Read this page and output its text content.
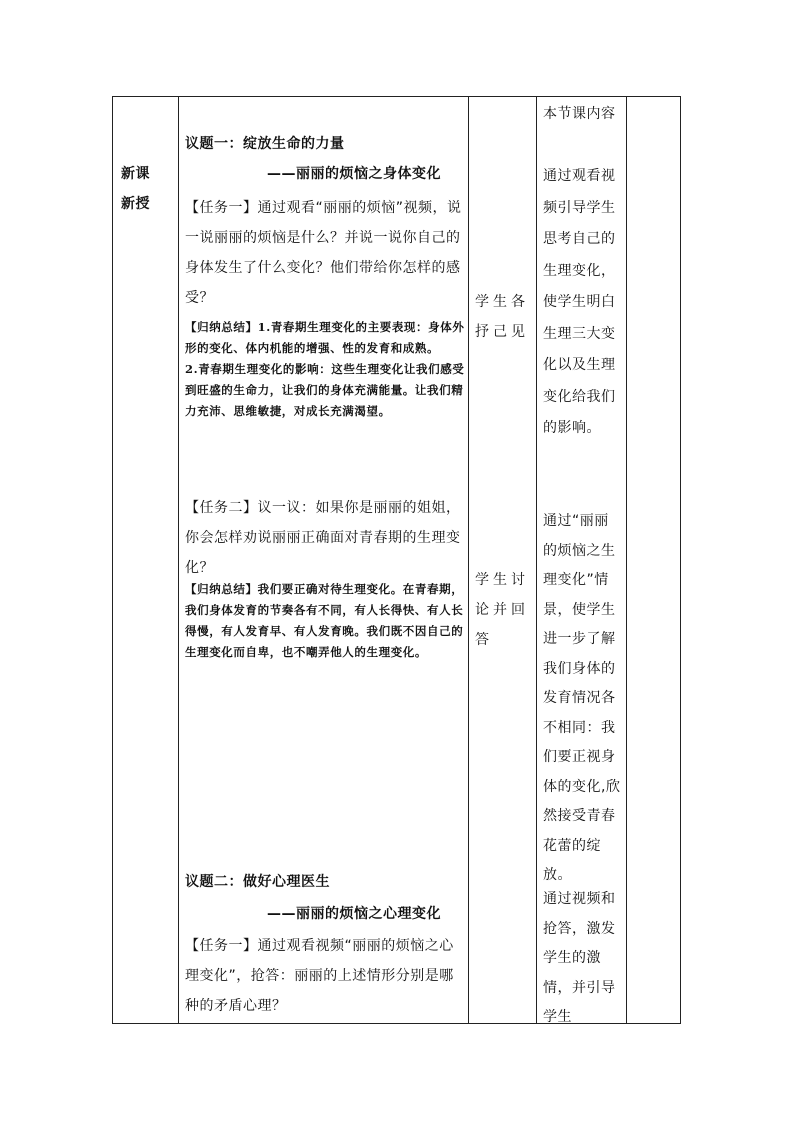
新课新授
议题一：绽放生命的力量
——丽丽的烦恼之身体变化
【任务一】通过观看“丽丽的烦恼”视频，说一说丽丽的烦恼是什么？并说一说你自己的身体发生了什么变化？他们带给你怎样的感受？
【归纳总结】1.青春期生理变化的主要表现：身体外形的变化、体内机能的增强、性的发育和成熟。
2.青春期生理变化的影响：这些生理变化让我们感受到旺盛的生命力，让我们的身体充满能量。让我们精力充沛、思维敏捷，对成长充满渴望。
【任务二】议一议：如果你是丽丽的姐姐，你会怎样劝说丽丽正确面对青春期的生理变化？
【归纳总结】我们要正确对待生理变化。在青春期，我们身体发育的节奏各有不同，有人长得快、有人长得慢，有人发育早、有人发育晚。我们既不因自己的生理变化而自卑，也不嘲弄他人的生理变化。
议题二：做好心理医生
——丽丽的烦恼之心理变化
【任务一】通过观看视频“丽丽的烦恼之心理变化”，抢答：丽丽的上述情形分别是哪种的矛盾心理？
学生各抒己见
学生讨论并回答
本节课内容
通过观看视频引导学生思考自己的生理变化，使学生明白生理三大变化以及生理变化给我们的影响。
通过“丽丽的烦恼之生理变化”情景，使学生进一步了解我们身体的发育情况各不相同：我们要正视身体的变化,欣然接受青春花蕾的绽放。
通过视频和抢答，激发学生的激情，并引导学生
